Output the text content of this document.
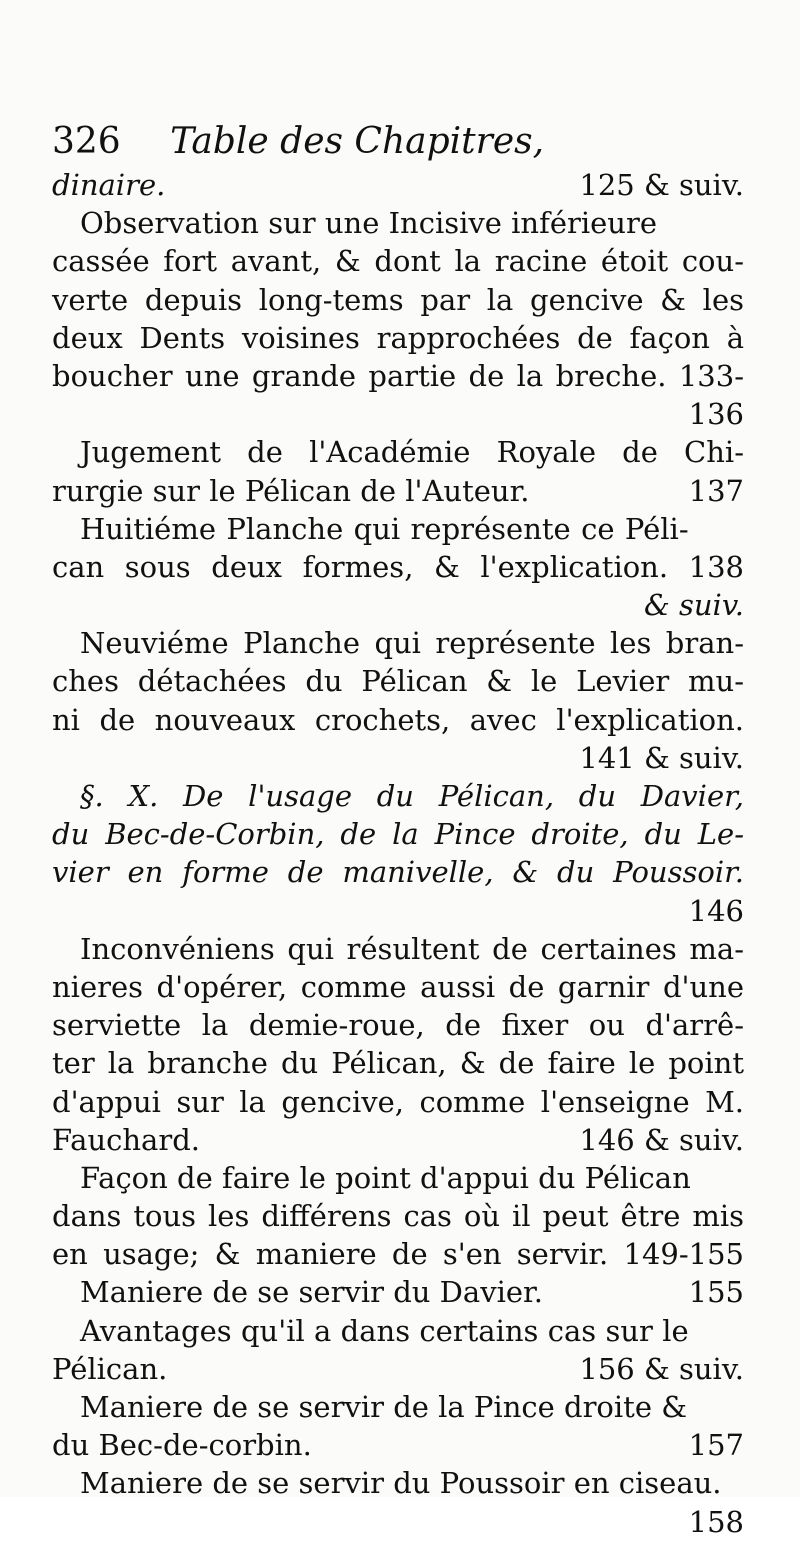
326 Table des Chapitres,
dinaire.	125 & suiv.
Observation sur une Incisive inférieure
cassée fort avant, & dont la racine étoit cou-
verte depuis long-tems par la gencive & les
deux Dents voisines rapprochées de façon à
boucher une grande partie de la breche. 133-
136
Jugement de l'Académie Royale de Chi-
rurgie sur le Pélican de l'Auteur.	137
Huitiéme Planche qui représente ce Péli-
can sous deux formes, & l'explication. 138
& suiv.
Neuviéme Planche qui représente les bran-
ches détachées du Pélican & le Levier mu-
ni de nouveaux crochets, avec l'explication.
141 & suiv.
§. X. De l'usage du Pélican, du Davier,
du Bec-de-Corbin, de la Pince droite, du Le-
vier en forme de manivelle, & du Poussoir.
146
Inconvéniens qui résultent de certaines ma-
nieres d'opérer, comme aussi de garnir d'une
serviette la demie-roue, de fixer ou d'arrê-
ter la branche du Pélican, & de faire le point
d'appui sur la gencive, comme l'enseigne M.
Fauchard.	146 & suiv.
Façon de faire le point d'appui du Pélican
dans tous les différens cas où il peut être mis
en usage; & maniere de s'en servir. 149-155
Maniere de se servir du Davier.	155
Avantages qu'il a dans certains cas sur le
Pélican.	156 & suiv.
Maniere de se servir de la Pince droite &
du Bec-de-corbin.	157
Maniere de se servir du Poussoir en ciseau.
158
